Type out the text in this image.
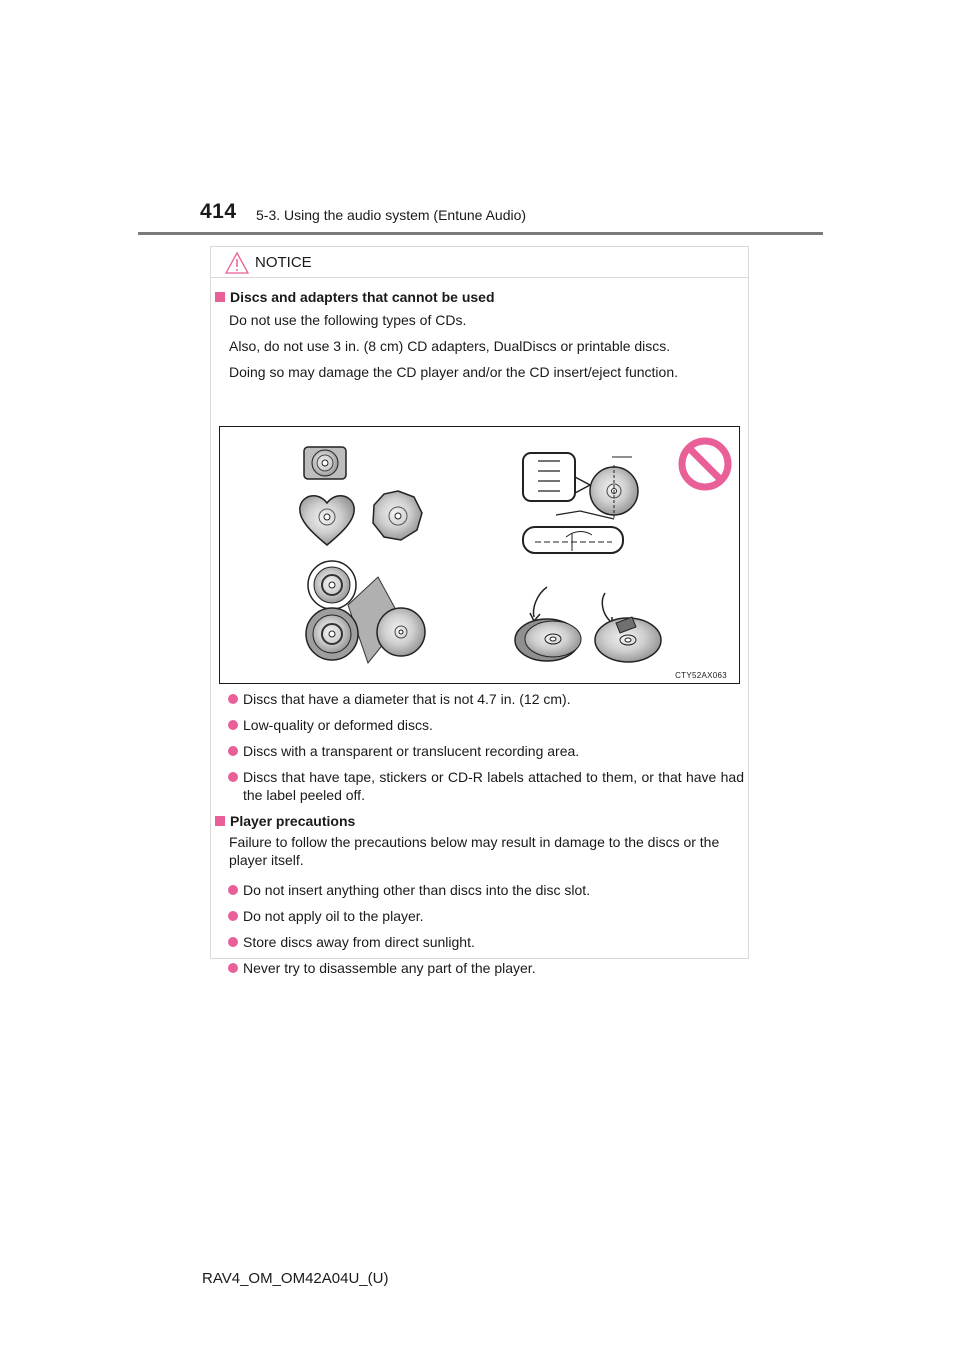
414 5-3. Using the audio system (Entune Audio)
NOTICE
Discs and adapters that cannot be used
Do not use the following types of CDs.
Also, do not use 3 in. (8 cm) CD adapters, DualDiscs or printable discs.
Doing so may damage the CD player and/or the CD insert/eject function.
CTY52AX063
Discs that have a diameter that is not 4.7 in. (12 cm).
Low-quality or deformed discs.
Discs with a transparent or translucent recording area.
Discs that have tape, stickers or CD-R labels attached to them, or that have had the label peeled off.
Player precautions
Failure to follow the precautions below may result in damage to the discs or the player itself.
Do not insert anything other than discs into the disc slot.
Do not apply oil to the player.
Store discs away from direct sunlight.
Never try to disassemble any part of the player.
RAV4_OM_OM42A04U_(U)
